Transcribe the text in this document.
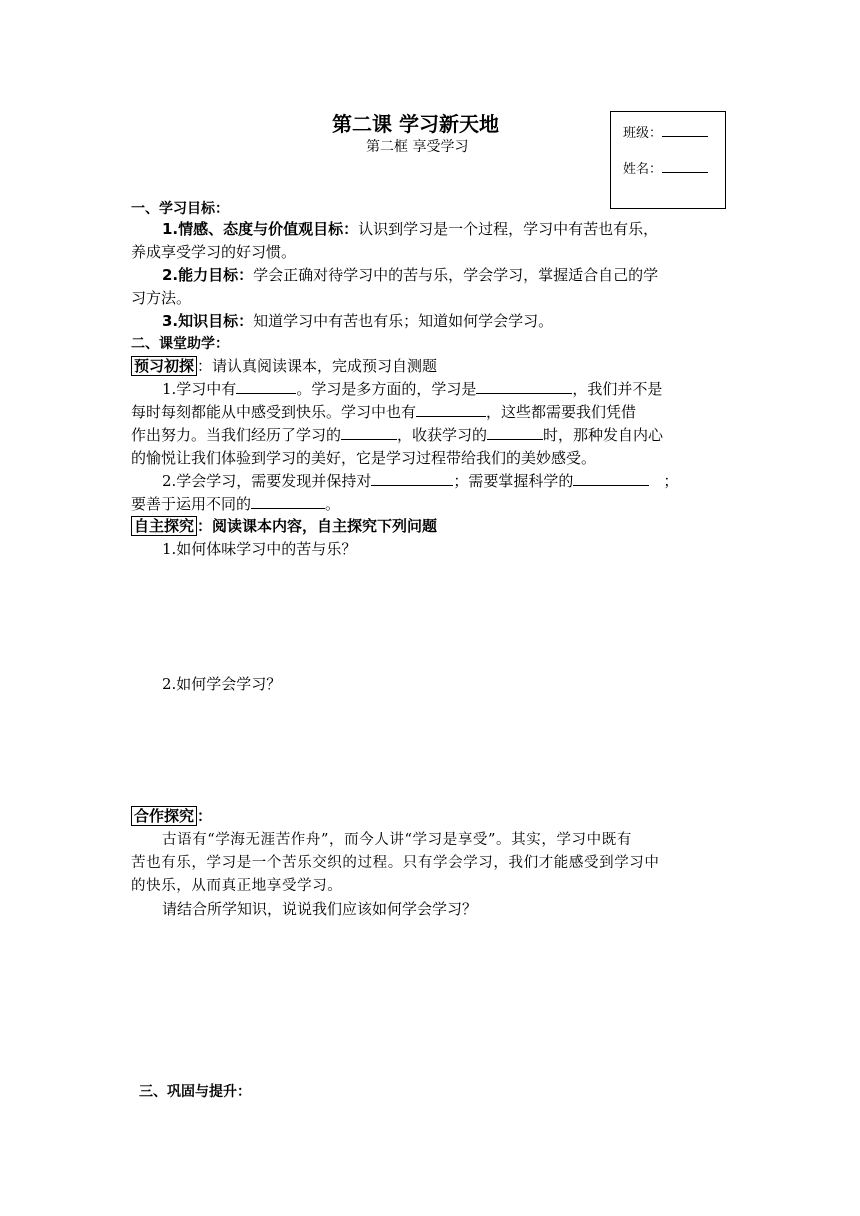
第二课 学习新天地
第二框 享受学习
班级：
姓名：
一、学习目标：
1.情感、态度与价值观目标：认识到学习是一个过程，学习中有苦也有乐，
养成享受学习的好习惯。
2.能力目标：学会正确对待学习中的苦与乐，学会学习，掌握适合自己的学
习方法。
3.知识目标：知道学习中有苦也有乐；知道如何学会学习。
二、课堂助学：
预习初探 ：请认真阅读课本，完成预习自测题
1.学习中有	。学习是多方面的，学习是	，我们并不是
每时每刻都能从中感受到快乐。学习中也有	，这些都需要我们凭借
作出努力。当我们经历了学习的	，收获学习的	时，那种发自内心
的愉悦让我们体验到学习的美好，它是学习过程带给我们的美妙感受。
2.学会学习，需要发现并保持对	；需要掌握科学的	；
要善于运用不同的	。
自主探究 ：阅读课本内容，自主探究下列问题
1.如何体味学习中的苦与乐？
2.如何学会学习？
合作探究 ：
古语有“学海无涯苦作舟”，而今人讲“学习是享受”。其实，学习中既有
苦也有乐，学习是一个苦乐交织的过程。只有学会学习，我们才能感受到学习中
的快乐，从而真正地享受学习。
请结合所学知识，说说我们应该如何学会学习？
三、巩固与提升：
